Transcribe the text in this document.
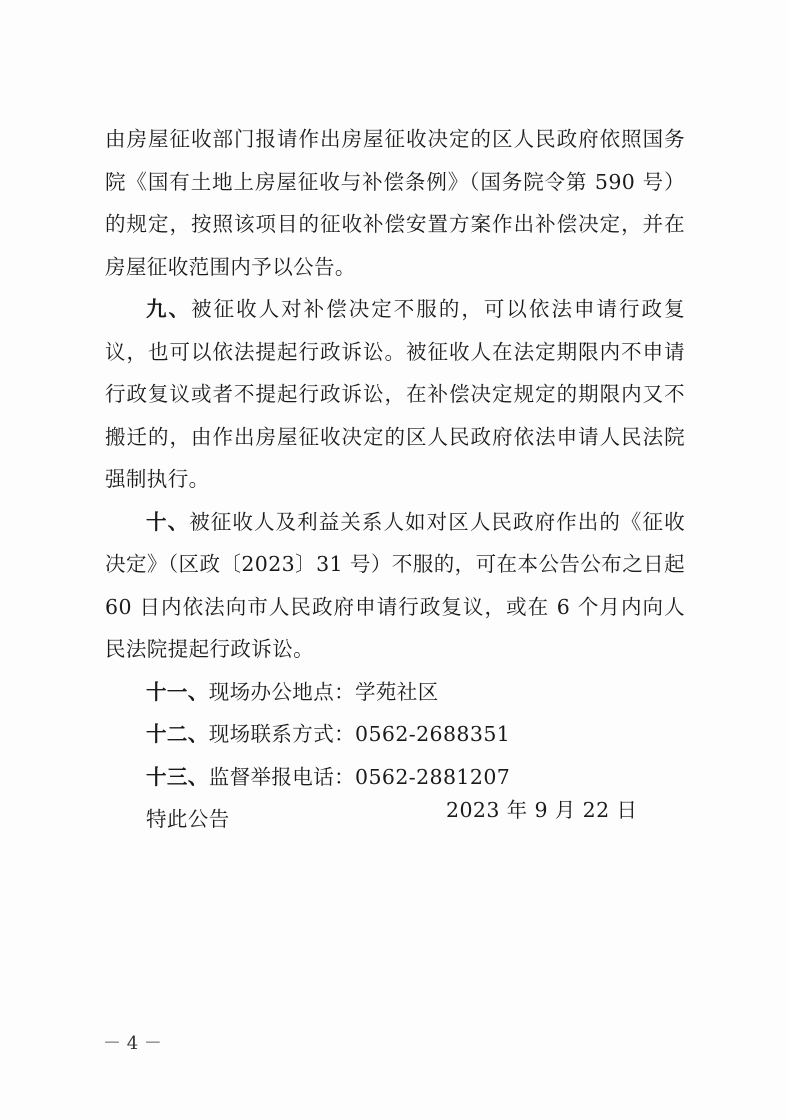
由房屋征收部门报请作出房屋征收决定的区人民政府依照国务院《国有土地上房屋征收与补偿条例》（国务院令第 590 号）的规定，按照该项目的征收补偿安置方案作出补偿决定，并在房屋征收范围内予以公告。

九、被征收人对补偿决定不服的，可以依法申请行政复议，也可以依法提起行政诉讼。被征收人在法定期限内不申请行政复议或者不提起行政诉讼，在补偿决定规定的期限内又不搬迁的，由作出房屋征收决定的区人民政府依法申请人民法院强制执行。

十、被征收人及利益关系人如对区人民政府作出的《征收决定》（区政〔2023〕31 号）不服的，可在本公告公布之日起 60 日内依法向市人民政府申请行政复议，或在 6 个月内向人民法院提起行政诉讼。

十一、现场办公地点：学苑社区

十二、现场联系方式：0562-2688351

十三、监督举报电话：0562-2881207

特此公告	2023 年 9 月 22 日
－ 4 －
